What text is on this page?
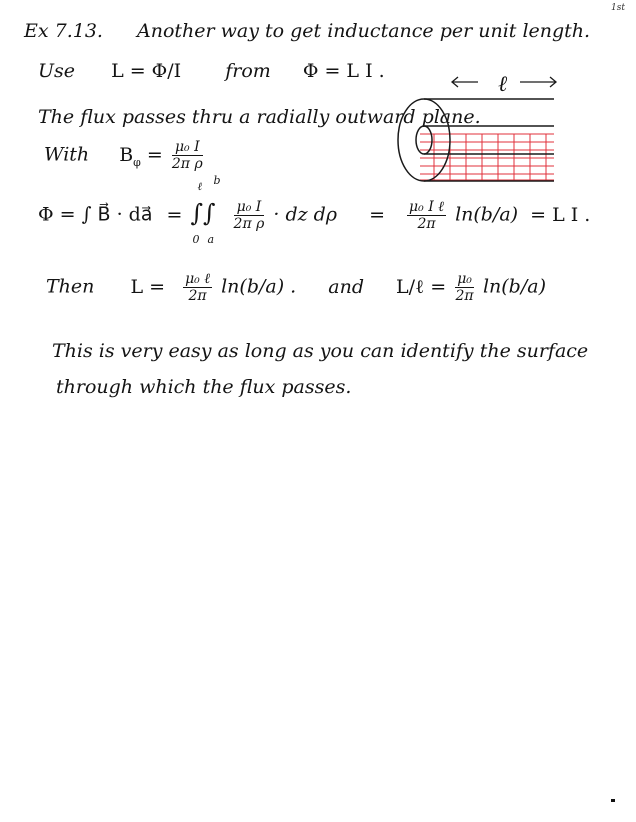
1st
Ex 7.13. Another way to get inductance per unit length.
Use L = Φ/I from Φ = L I .
The flux passes thru a radially outward plane.
With $B_\varphi = \frac{\text{μ₀ I}}{\text{2π ρ}}$
Φ = ∫ B⃗ · da⃗ = ∫∫
ℓ b
0 a

$\frac{\text{μ₀ I}}{\text{2π ρ}}$ · dz $d\rho = \frac{\text{μ₀ I ℓ}}{2\pi} \ln(b/a) = L$ I .
Then $L = \frac{\text{μ₀ ℓ}}{2\pi} \ln(b/a)$ . and L/ℓ = $\frac{\text{μ₀}}{2\pi} \ln(b/a)$
This is very easy as long as you can identify the surface
through which the flux passes.
ℓ
